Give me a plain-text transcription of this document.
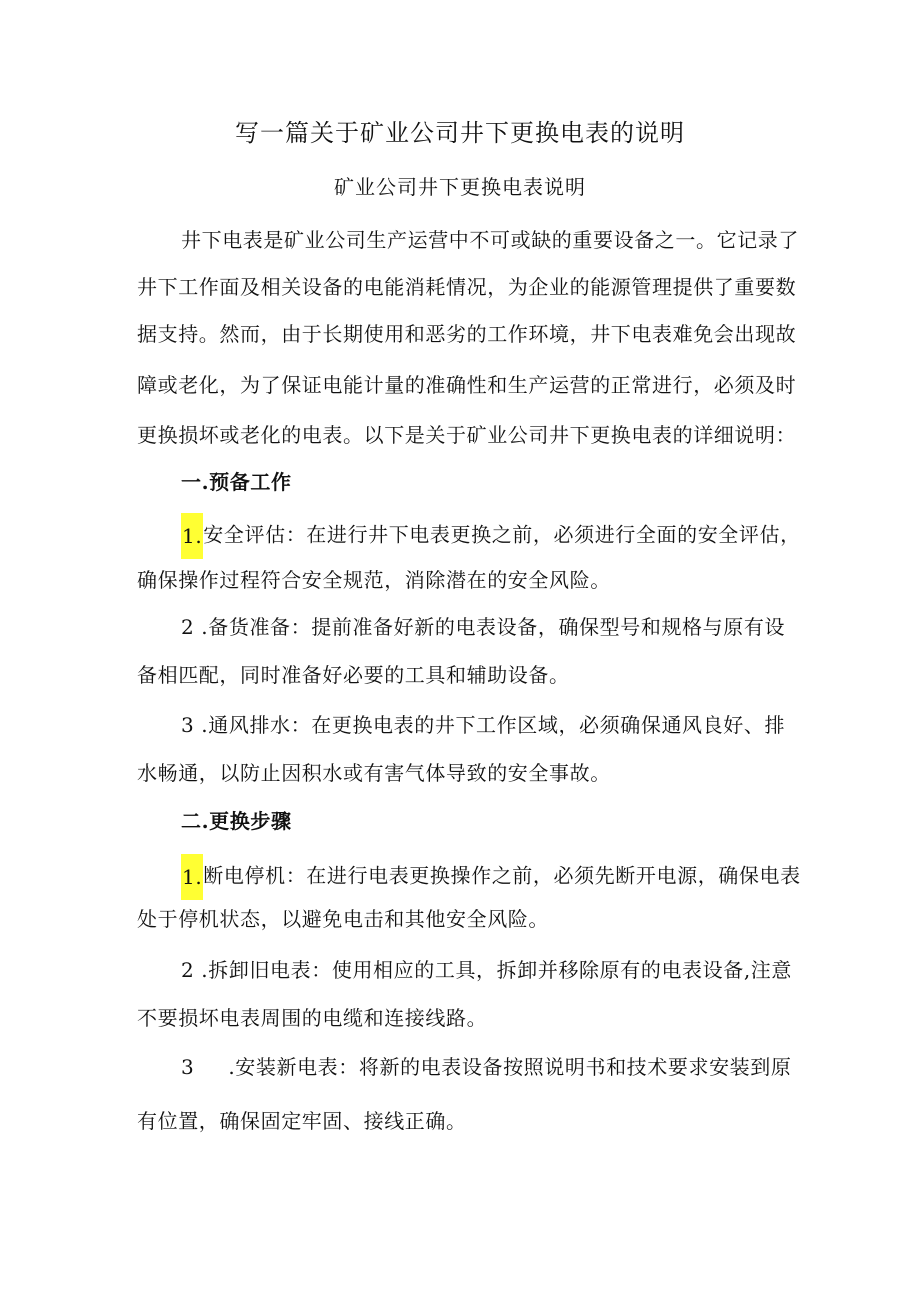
写一篇关于矿业公司井下更换电表的说明
矿业公司井下更换电表说明
井下电表是矿业公司生产运营中不可或缺的重要设备之一。它记录了
井下工作面及相关设备的电能消耗情况，为企业的能源管理提供了重要数
据支持。然而，由于长期使用和恶劣的工作环境，井下电表难免会出现故
障或老化，为了保证电能计量的准确性和生产运营的正常进行，必须及时
更换损坏或老化的电表。以下是关于矿业公司井下更换电表的详细说明：
一.预备工作
1.安全评估：在进行井下电表更换之前，必须进行全面的安全评估，
确保操作过程符合安全规范，消除潜在的安全风险。
2 .备货准备：提前准备好新的电表设备，确保型号和规格与原有设
备相匹配，同时准备好必要的工具和辅助设备。
3 .通风排水：在更换电表的井下工作区域，必须确保通风良好、排
水畅通，以防止因积水或有害气体导致的安全事故。
二.更换步骤
1.断电停机：在进行电表更换操作之前，必须先断开电源，确保电表
处于停机状态，以避免电击和其他安全风险。
2 .拆卸旧电表：使用相应的工具，拆卸并移除原有的电表设备,注意
不要损坏电表周围的电缆和连接线路。
3 .安装新电表：将新的电表设备按照说明书和技术要求安装到原
有位置，确保固定牢固、接线正确。
